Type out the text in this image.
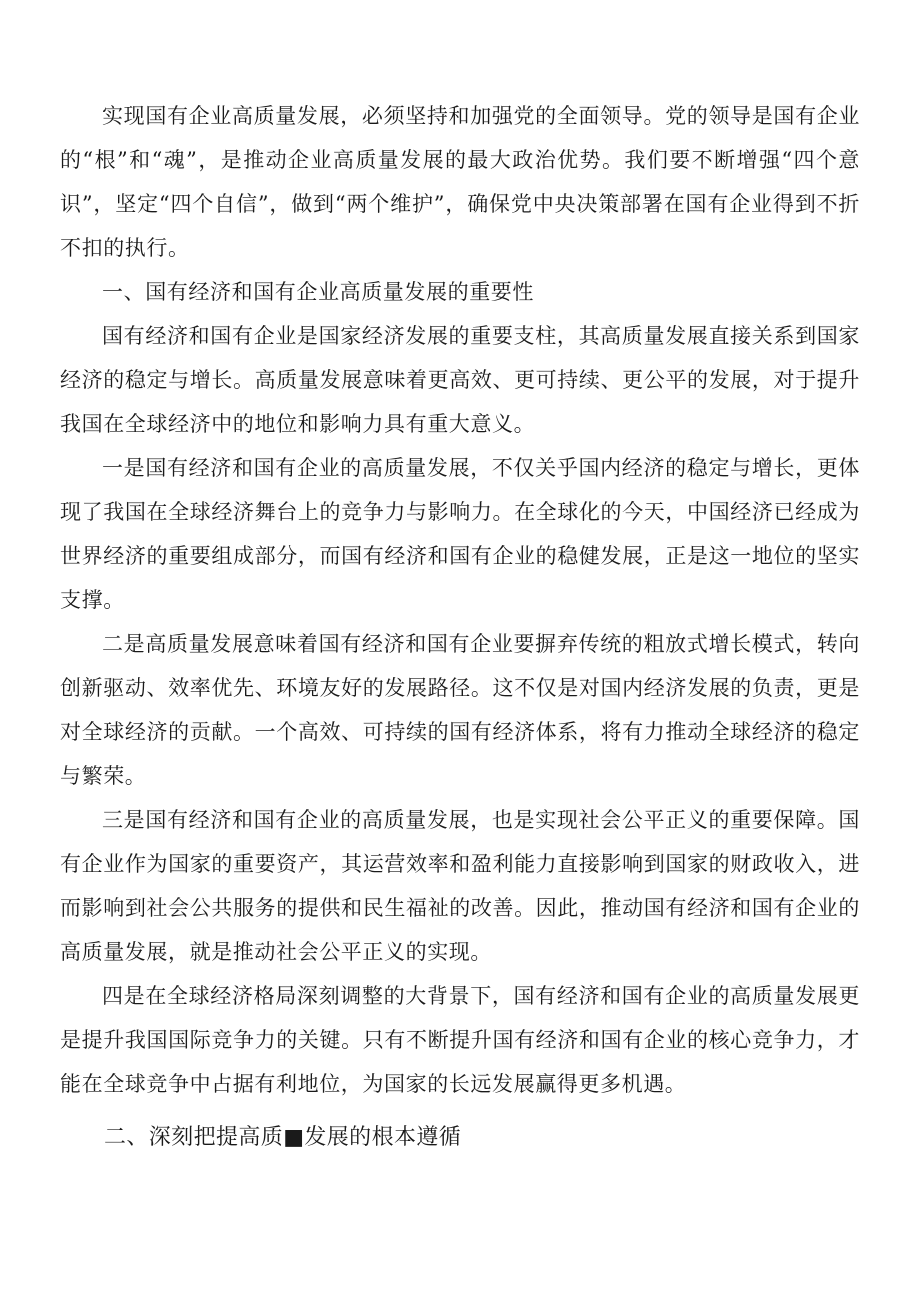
实现国有企业高质量发展，必须坚持和加强党的全面领导。党的领导是国有企业的“根”和“魂”，是推动企业高质量发展的最大政治优势。我们要不断增强“四个意识”，坚定“四个自信”，做到“两个维护”，确保党中央决策部署在国有企业得到不折不扣的执行。

一、国有经济和国有企业高质量发展的重要性

国有经济和国有企业是国家经济发展的重要支柱，其高质量发展直接关系到国家经济的稳定与增长。高质量发展意味着更高效、更可持续、更公平的发展，对于提升我国在全球经济中的地位和影响力具有重大意义。

一是国有经济和国有企业的高质量发展，不仅关乎国内经济的稳定与增长，更体现了我国在全球经济舞台上的竞争力与影响力。在全球化的今天，中国经济已经成为世界经济的重要组成部分，而国有经济和国有企业的稳健发展，正是这一地位的坚实支撑。

二是高质量发展意味着国有经济和国有企业要摒弃传统的粗放式增长模式，转向创新驱动、效率优先、环境友好的发展路径。这不仅是对国内经济发展的负责，更是对全球经济的贡献。一个高效、可持续的国有经济体系，将有力推动全球经济的稳定与繁荣。

三是国有经济和国有企业的高质量发展，也是实现社会公平正义的重要保障。国有企业作为国家的重要资产，其运营效率和盈利能力直接影响到国家的财政收入，进而影响到社会公共服务的提供和民生福祉的改善。因此，推动国有经济和国有企业的高质量发展，就是推动社会公平正义的实现。

四是在全球经济格局深刻调整的大背景下，国有经济和国有企业的高质量发展更是提升我国国际竞争力的关键。只有不断提升国有经济和国有企业的核心竞争力，才能在全球竞争中占据有利地位，为国家的长远发展赢得更多机遇。

二、深刻把提高质■发展的根本遵循
